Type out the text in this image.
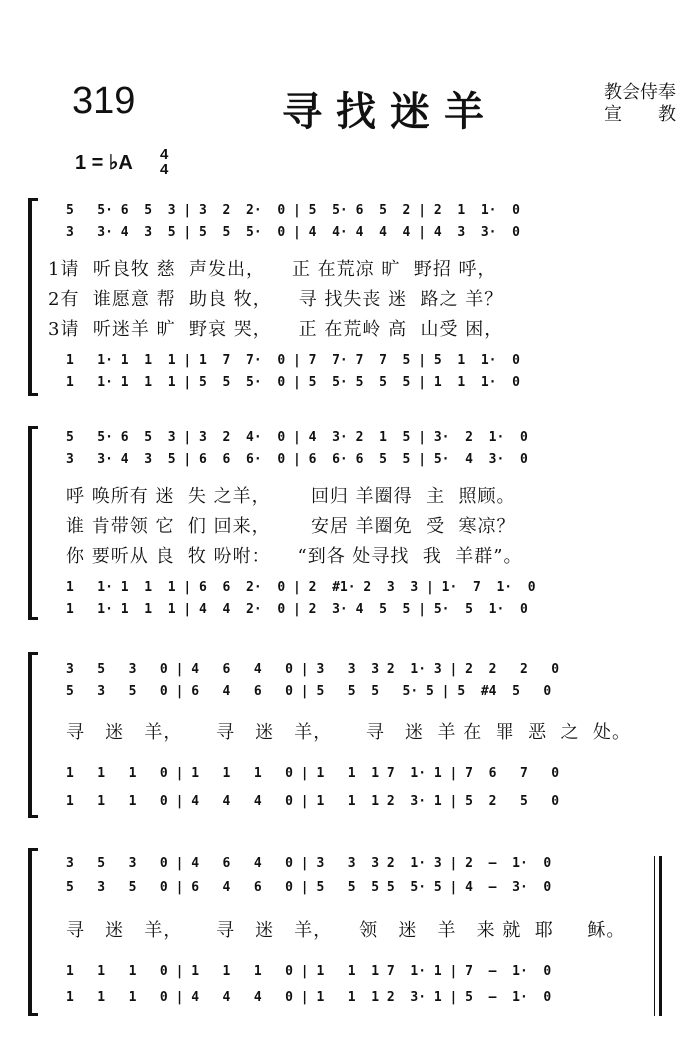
319	寻找迷羊	教会侍奉
宣 教
1 = ♭A 4
4
5   5· 6  5  3 | 3  2  2·  0 | 5  5· 6  5  2 | 2  1  1·  0
3   3· 4  3  5 | 5  5  5·  0 | 4  4· 4  4  4 | 4  3  3·  0
1请  听良牧 慈  声发出，    正 在荒凉 旷  野招 呼，
2有  谁愿意 帮  助良 牧，    寻 找失丧 迷  路之 羊？
3请  听迷羊 旷  野哀 哭，    正 在荒岭 高  山受 困，
1   1· 1  1  1 | 1  7  7·  0 | 7  7· 7  7  5 | 5  1  1·  0
1   1· 1  1  1 | 5  5  5·  0 | 5  5· 5  5  5 | 1  1  1·  0
5   5· 6  5  3 | 3  2  4·  0 | 4  3· 2  1  5 | 3·  2  1·  0
3   3· 4  3  5 | 6  6  6·  0 | 6  6· 6  5  5 | 5·  4  3·  0
呼 唤所有 迷  失 之羊，      回归 羊圈得  主  照顾。
谁 肯带领 它  们 回来，      安居 羊圈免  受  寒凉？
你 要听从 良  牧 吩咐：    “到各 处寻找  我  羊群”。
1   1· 1  1  1 | 6  6  2·  0 | 2  #1· 2  3  3 | 1·  7  1·  0
1   1· 1  1  1 | 4  4  2·  0 | 2  3· 4  5  5 | 5·  5  1·  0
3   5   3   0 | 4   6   4   0 | 3   3  3 2  1· 3 | 2  2   2   0
5   3   5   0 | 6   4   6   0 | 5   5  5   5· 5 | 5  #4  5   0
寻   迷   羊，     寻   迷   羊，     寻   迷  羊 在  罪  恶  之  处。
1   1   1   0 | 1   1   1   0 | 1   1  1 7  1· 1 | 7  6   7   0
1   1   1   0 | 4   4   4   0 | 1   1  1 2  3· 1 | 5  2   5   0
3   5   3   0 | 4   6   4   0 | 3   3  3 2  1· 3 | 2  –  1·  0
5   3   5   0 | 6   4   6   0 | 5   5  5 5  5· 5 | 4  –  3·  0
寻   迷   羊，     寻   迷   羊，    领   迷   羊   来 就  耶     稣。
1   1   1   0 | 1   1   1   0 | 1   1  1 7  1· 1 | 7  –  1·  0
1   1   1   0 | 4   4   4   0 | 1   1  1 2  3· 1 | 5  –  1·  0
